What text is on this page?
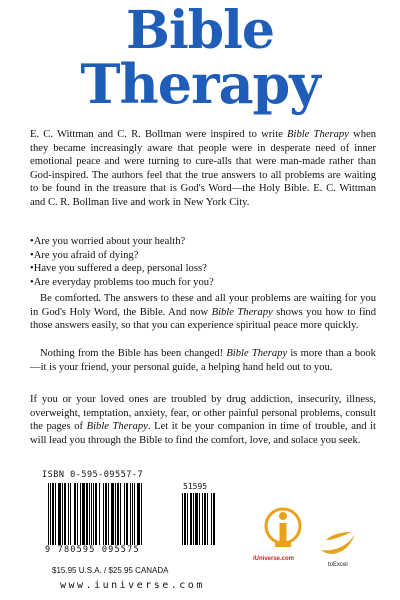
Bible
Therapy

E. C. Wittman and C. R. Bollman were inspired to write Bible Therapy when they became increasingly aware that people were in desperate need of inner emotional peace and were turning to cure-alls that were man-made rather than God-inspired. The authors feel that the true answers to all problems are waiting to be found in the treasure that is God's Word—the Holy Bible. E. C. Wittman and C. R. Bollman live and work in New York City.

•Are you worried about your health?
•Are you afraid of dying?
•Have you suffered a deep, personal loss?
•Are everyday problems too much for you?

Be comforted. The answers to these and all your problems are waiting for you in God's Holy Word, the Bible. And now Bible Therapy shows you how to find those answers easily, so that you can experience spiritual peace more quickly.

Nothing from the Bible has been changed! Bible Therapy is more than a book—it is your friend, your personal guide, a helping hand held out to you.

If you or your loved ones are troubled by drug addiction, insecurity, illness, overweight, temptation, anxiety, fear, or other painful personal problems, consult the pages of Bible Therapy. Let it be your companion in time of trouble, and it will lead you through the Bible to find the comfort, love, and solace you seek.

ISBN 0-595-09557-7
51595
9 780595 095575
$15.95 U.S.A. / $25.95 CANADA
www.iuniverse.com
iUniverse.com
toExcel
